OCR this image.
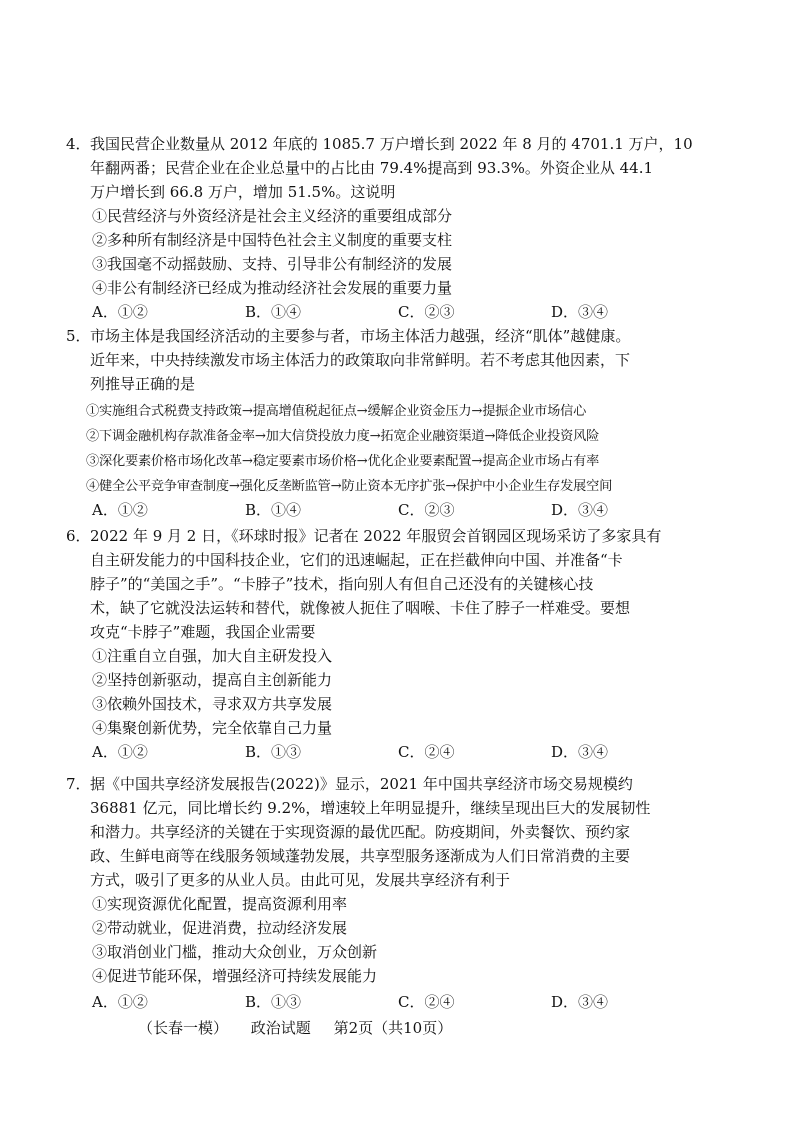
4． 我国民营企业数量从 2012 年底的 1085.7 万户增长到 2022 年 8 月的 4701.1 万户，10
年翻两番；民营企业在企业总量中的占比由 79.4%提高到 93.3%。外资企业从 44.1
万户增长到 66.8 万户，增加 51.5%。这说明
①民营经济与外资经济是社会主义经济的重要组成部分
②多种所有制经济是中国特色社会主义制度的重要支柱
③我国毫不动摇鼓励、支持、引导非公有制经济的发展
④非公有制经济已经成为推动经济社会发展的重要力量
A．①②	B．①④	C．②③	D．③④
5． 市场主体是我国经济活动的主要参与者，市场主体活力越强，经济“肌体”越健康。
近年来，中央持续激发市场主体活力的政策取向非常鲜明。若不考虑其他因素，下
列推导正确的是
①实施组合式税费支持政策→提高增值税起征点→缓解企业资金压力→提振企业市场信心
②下调金融机构存款准备金率→加大信贷投放力度→拓宽企业融资渠道→降低企业投资风险
③深化要素价格市场化改革→稳定要素市场价格→优化企业要素配置→提高企业市场占有率
④健全公平竞争审查制度→强化反垄断监管→防止资本无序扩张→保护中小企业生存发展空间
A．①②	B．①④	C．②③	D．③④
6． 2022 年 9 月 2 日，《环球时报》记者在 2022 年服贸会首钢园区现场采访了多家具有
自主研发能力的中国科技企业，它们的迅速崛起，正在拦截伸向中国、并准备“卡
脖子”的“美国之手”。“卡脖子”技术，指向别人有但自己还没有的关键核心技
术，缺了它就没法运转和替代，就像被人扼住了咽喉、卡住了脖子一样难受。要想
攻克“卡脖子”难题，我国企业需要
①注重自立自强，加大自主研发投入
②坚持创新驱动，提高自主创新能力
③依赖外国技术，寻求双方共享发展
④集聚创新优势，完全依靠自己力量
A．①②	B．①③	C．②④	D．③④
7． 据《中国共享经济发展报告(2022)》显示，2021 年中国共享经济市场交易规模约
36881 亿元，同比增长约 9.2%，增速较上年明显提升，继续呈现出巨大的发展韧性
和潜力。共享经济的关键在于实现资源的最优匹配。防疫期间，外卖餐饮、预约家
政、生鲜电商等在线服务领域蓬勃发展，共享型服务逐渐成为人们日常消费的主要
方式，吸引了更多的从业人员。由此可见，发展共享经济有利于
①实现资源优化配置，提高资源利用率
②带动就业，促进消费，拉动经济发展
③取消创业门槛，推动大众创业，万众创新
④促进节能环保，增强经济可持续发展能力
A．①②	B．①③	C．②④	D．③④
（长春一模） 政治试题 第2页（共10页）
